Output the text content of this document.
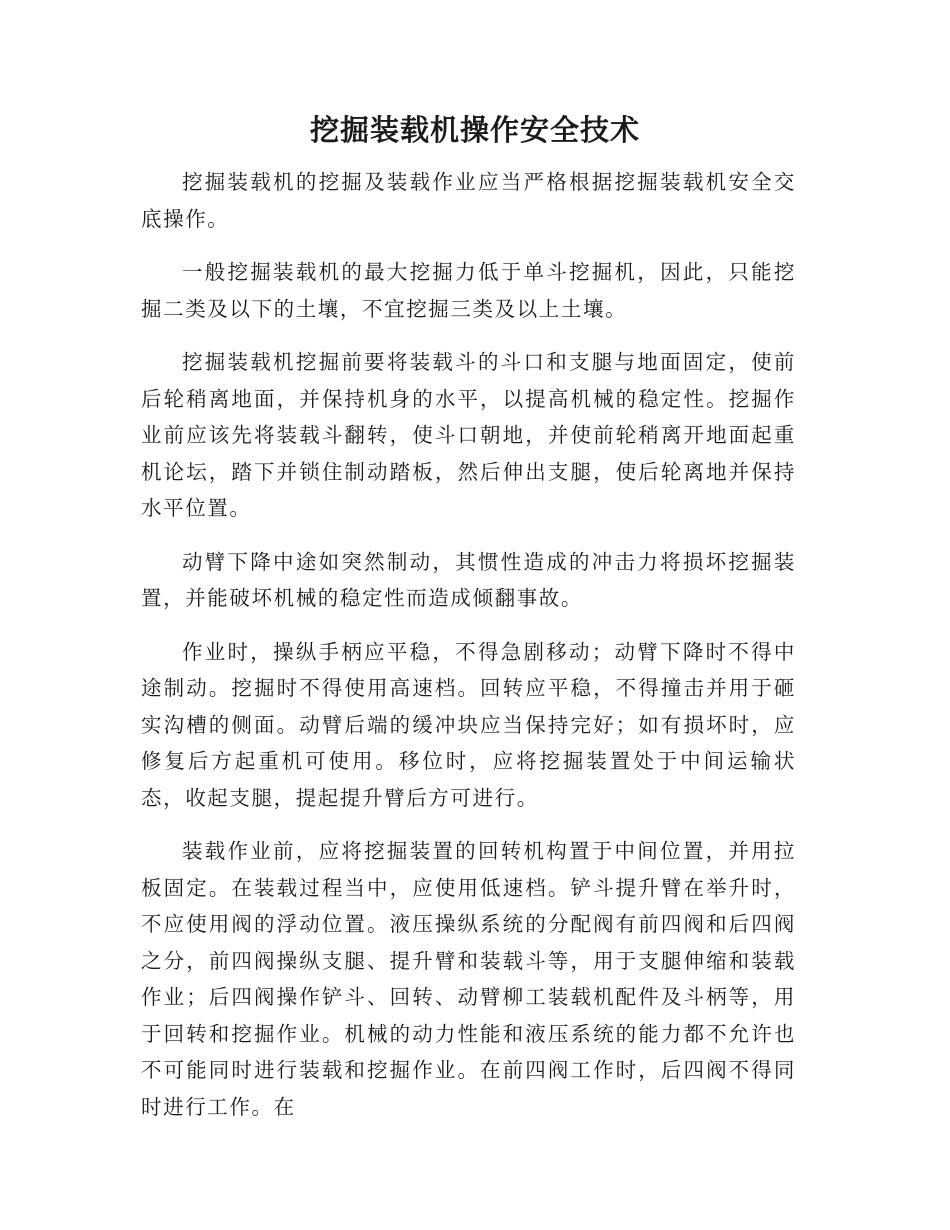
挖掘装载机操作安全技术

挖掘装载机的挖掘及装载作业应当严格根据挖掘装载机安全交底操作。

一般挖掘装载机的最大挖掘力低于单斗挖掘机，因此，只能挖掘二类及以下的土壤，不宜挖掘三类及以上土壤。

挖掘装载机挖掘前要将装载斗的斗口和支腿与地面固定，使前后轮稍离地面，并保持机身的水平，以提高机械的稳定性。挖掘作业前应该先将装载斗翻转，使斗口朝地，并使前轮稍离开地面起重机论坛，踏下并锁住制动踏板，然后伸出支腿，使后轮离地并保持水平位置。

动臂下降中途如突然制动，其惯性造成的冲击力将损坏挖掘装置，并能破坏机械的稳定性而造成倾翻事故。

作业时，操纵手柄应平稳，不得急剧移动；动臂下降时不得中途制动。挖掘时不得使用高速档。回转应平稳，不得撞击并用于砸实沟槽的侧面。动臂后端的缓冲块应当保持完好；如有损坏时，应修复后方起重机可使用。移位时，应将挖掘装置处于中间运输状态，收起支腿，提起提升臂后方可进行。

装载作业前，应将挖掘装置的回转机构置于中间位置，并用拉板固定。在装载过程当中，应使用低速档。铲斗提升臂在举升时，不应使用阀的浮动位置。液压操纵系统的分配阀有前四阀和后四阀之分，前四阀操纵支腿、提升臂和装载斗等，用于支腿伸缩和装载作业；后四阀操作铲斗、回转、动臂柳工装载机配件及斗柄等，用于回转和挖掘作业。机械的动力性能和液压系统的能力都不允许也不可能同时进行装载和挖掘作业。在前四阀工作时，后四阀不得同时进行工作。在
